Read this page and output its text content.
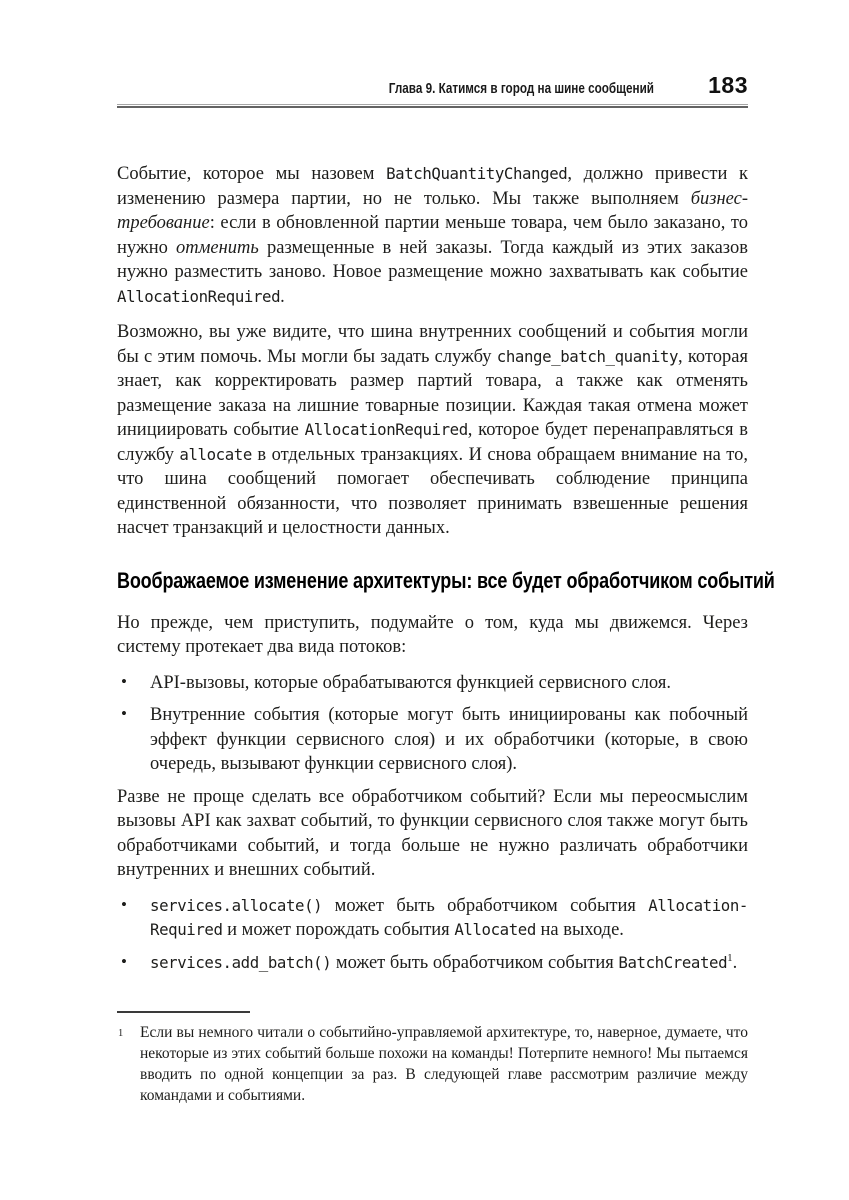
Глава 9. Катимся в город на шине сообщений 183

Событие, которое мы назовем BatchQuantityChanged, должно привести к изменению размера партии, но не только. Мы также выполняем бизнес-требование: если в обновленной партии меньше товара, чем было заказано, то нужно отменить размещенные в ней заказы. Тогда каждый из этих заказов нужно разместить заново. Новое размещение можно захватывать как событие AllocationRequired.

Возможно, вы уже видите, что шина внутренних сообщений и события могли бы с этим помочь. Мы могли бы задать службу change_batch_quanity, которая знает, как корректировать размер партий товара, а также как отменять размещение заказа на лишние товарные позиции. Каждая такая отмена может инициировать событие AllocationRequired, которое будет перенаправляться в службу allocate в отдельных транзакциях. И снова обращаем внимание на то, что шина сообщений помогает обеспечивать соблюдение принципа единственной обязанности, что позволяет принимать взвешенные решения насчет транзакций и целостности данных.

Воображаемое изменение архитектуры: все будет обработчиком событий

Но прежде, чем приступить, подумайте о том, куда мы движемся. Через систему протекает два вида потоков:

• API-вызовы, которые обрабатываются функцией сервисного слоя.
• Внутренние события (которые могут быть инициированы как побочный эффект функции сервисного слоя) и их обработчики (которые, в свою очередь, вызывают функции сервисного слоя).

Разве не проще сделать все обработчиком событий? Если мы переосмыслим вызовы API как захват событий, то функции сервисного слоя также могут быть обработчиками событий, и тогда больше не нужно различать обработчики внутренних и внешних событий.

• services.allocate() может быть обработчиком события Allocation-Required и может порождать события Allocated на выходе.
• services.add_batch() может быть обработчиком события BatchCreated$^1$.
1 Если вы немного читали о событийно-управляемой архитектуре, то, наверное, думаете, что некоторые из этих событий больше похожи на команды! Потерпите немного! Мы пытаемся вводить по одной концепции за раз. В следующей главе рассмотрим различие между командами и событиями.
